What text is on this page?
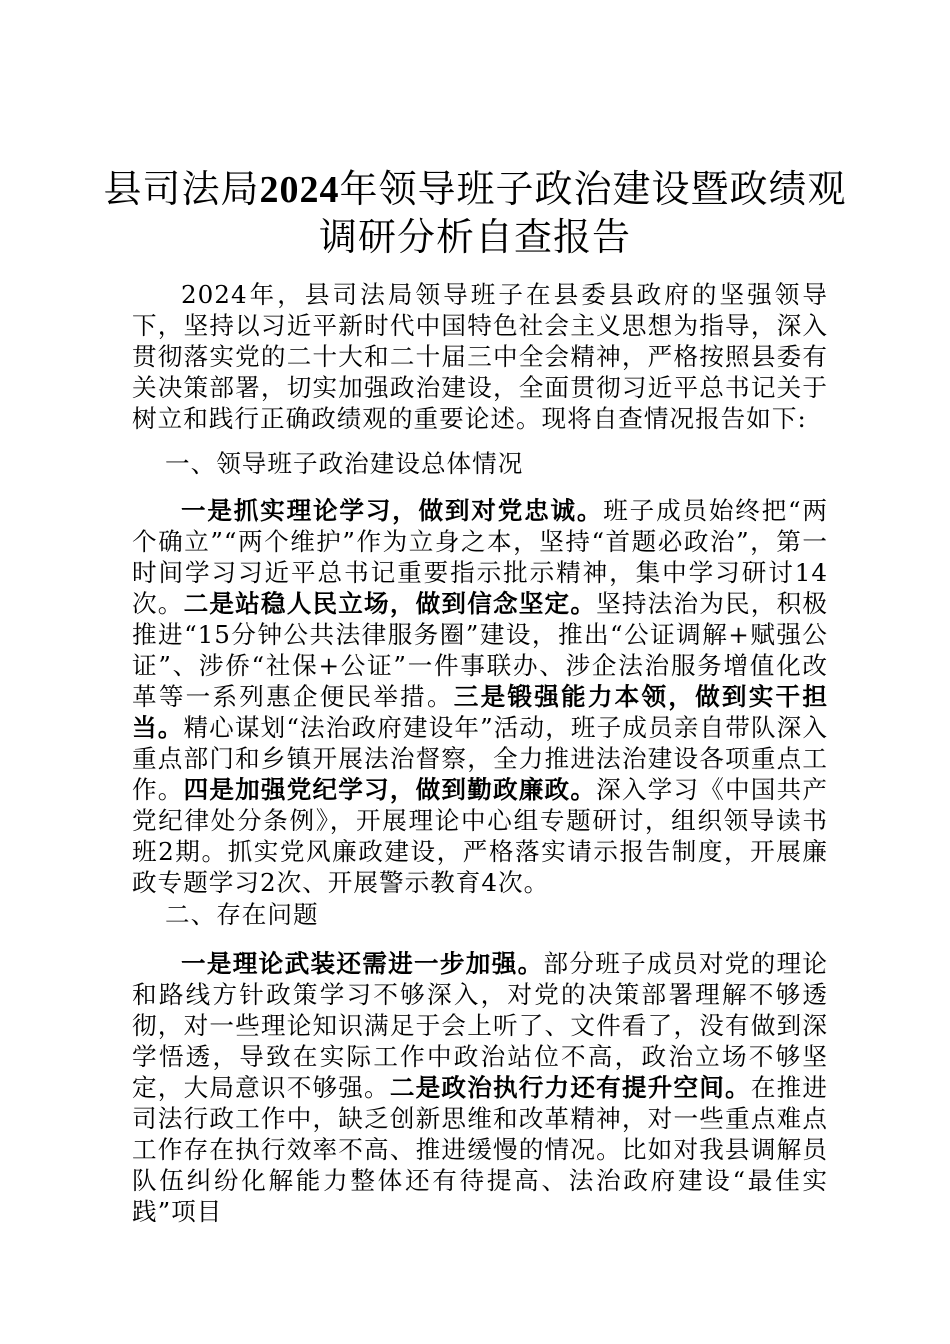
县司法局2024年领导班子政治建设暨政绩观
调研分析自查报告
2024年，县司法局领导班子在县委县政府的坚强领导下，坚持以习近平新时代中国特色社会主义思想为指导，深入贯彻落实党的二十大和二十届三中全会精神，严格按照县委有关决策部署，切实加强政治建设，全面贯彻习近平总书记关于树立和践行正确政绩观的重要论述。现将自查情况报告如下:
一、领导班子政治建设总体情况
一是抓实理论学习，做到对党忠诚。班子成员始终把“两个确立”“两个维护”作为立身之本，坚持“首题必政治”，第一时间学习习近平总书记重要指示批示精神，集中学习研讨14次。二是站稳人民立场，做到信念坚定。坚持法治为民，积极推进“15分钟公共法律服务圈”建设，推出“公证调解+赋强公证”、涉侨“社保+公证”一件事联办、涉企法治服务增值化改革等一系列惠企便民举措。三是锻强能力本领，做到实干担当。精心谋划“法治政府建设年”活动，班子成员亲自带队深入重点部门和乡镇开展法治督察，全力推进法治建设各项重点工作。四是加强党纪学习，做到勤政廉政。深入学习《中国共产党纪律处分条例》，开展理论中心组专题研讨，组织领导读书班2期。抓实党风廉政建设，严格落实请示报告制度，开展廉政专题学习2次、开展警示教育4次。
二、存在问题
一是理论武装还需进一步加强。部分班子成员对党的理论和路线方针政策学习不够深入，对党的决策部署理解不够透彻，对一些理论知识满足于会上听了、文件看了，没有做到深学悟透，导致在实际工作中政治站位不高，政治立场不够坚定，大局意识不够强。二是政治执行力还有提升空间。在推进司法行政工作中，缺乏创新思维和改革精神，对一些重点难点工作存在执行效率不高、推进缓慢的情况。比如对我县调解员队伍纠纷化解能力整体还有待提高、法治政府建设“最佳实践”项目
